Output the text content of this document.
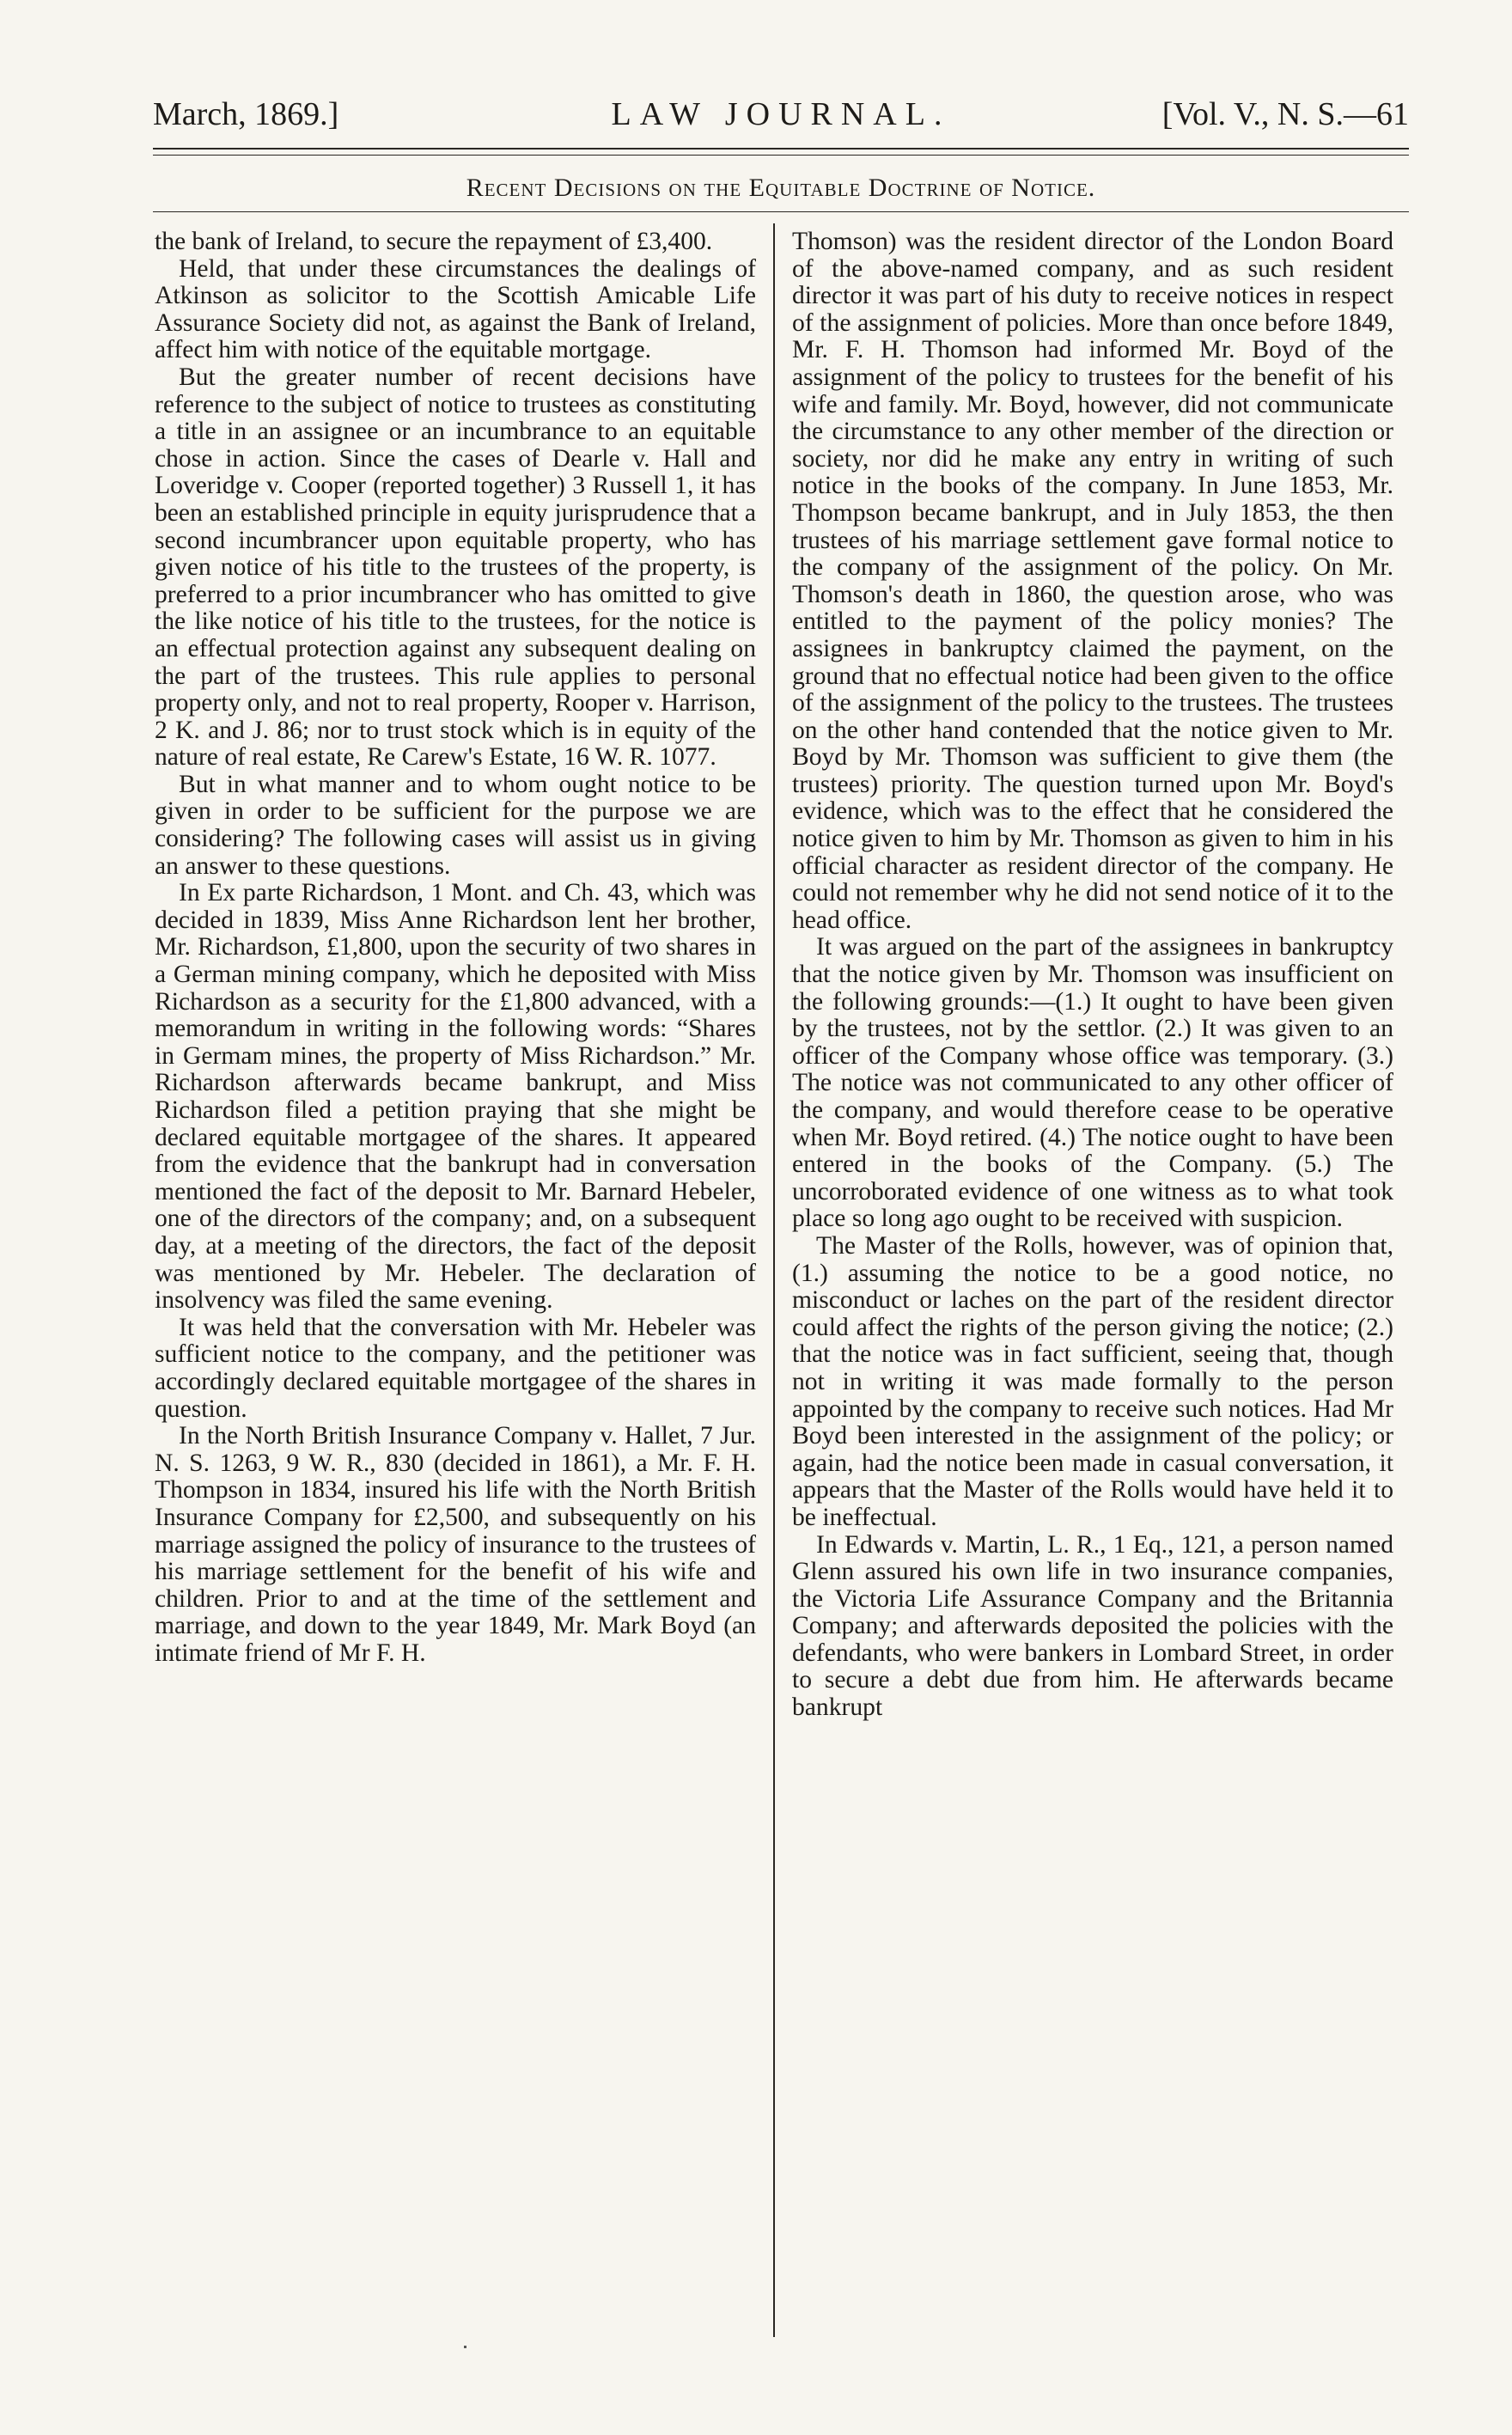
March, 1869.]	LAW JOURNAL.	[Vol. V., N. S.—61
Recent Decisions on the Equitable Doctrine of Notice.

the bank of Ireland, to secure the repayment of £3,400.

Held, that under these circumstances the dealings of Atkinson as solicitor to the Scottish Amicable Life Assurance Society did not, as against the Bank of Ireland, affect him with notice of the equitable mortgage.

But the greater number of recent decisions have reference to the subject of notice to trustees as constituting a title in an assignee or an incumbrance to an equitable chose in action. Since the cases of Dearle v. Hall and Loveridge v. Cooper (reported together) 3 Russell 1, it has been an established principle in equity jurisprudence that a second incumbrancer upon equitable property, who has given notice of his title to the trustees of the property, is preferred to a prior incumbrancer who has omitted to give the like notice of his title to the trustees, for the notice is an effectual protection against any subsequent dealing on the part of the trustees. This rule applies to personal property only, and not to real property, Rooper v. Harrison, 2 K. and J. 86; nor to trust stock which is in equity of the nature of real estate, Re Carew's Estate, 16 W. R. 1077.

But in what manner and to whom ought notice to be given in order to be sufficient for the purpose we are considering? The following cases will assist us in giving an answer to these questions.

In Ex parte Richardson, 1 Mont. and Ch. 43, which was decided in 1839, Miss Anne Richardson lent her brother, Mr. Richardson, £1,800, upon the security of two shares in a German mining company, which he deposited with Miss Richardson as a security for the £1,800 advanced, with a memorandum in writing in the following words: “Shares in Germam mines, the property of Miss Richardson.” Mr. Richardson afterwards became bankrupt, and Miss Richardson filed a petition praying that she might be declared equitable mortgagee of the shares. It appeared from the evidence that the bankrupt had in conversation mentioned the fact of the deposit to Mr. Barnard Hebeler, one of the directors of the company; and, on a subsequent day, at a meeting of the directors, the fact of the deposit was mentioned by Mr. Hebeler. The declaration of insolvency was filed the same evening.

It was held that the conversation with Mr. Hebeler was sufficient notice to the company, and the petitioner was accordingly declared equitable mortgagee of the shares in question.

In the North British Insurance Company v. Hallet, 7 Jur. N. S. 1263, 9 W. R., 830 (decided in 1861), a Mr. F. H. Thompson in 1834, insured his life with the North British Insurance Company for £2,500, and subsequently on his marriage assigned the policy of insurance to the trustees of his marriage settlement for the benefit of his wife and children. Prior to and at the time of the settlement and marriage, and down to the year 1849, Mr. Mark Boyd (an intimate friend of Mr F. H.

Thomson) was the resident director of the London Board of the above-named company, and as such resident director it was part of his duty to receive notices in respect of the assignment of policies. More than once before 1849, Mr. F. H. Thomson had informed Mr. Boyd of the assignment of the policy to trustees for the benefit of his wife and family. Mr. Boyd, however, did not communicate the circumstance to any other member of the direction or society, nor did he make any entry in writing of such notice in the books of the company. In June 1853, Mr. Thompson became bankrupt, and in July 1853, the then trustees of his marriage settlement gave formal notice to the company of the assignment of the policy. On Mr. Thomson's death in 1860, the question arose, who was entitled to the payment of the policy monies? The assignees in bankruptcy claimed the payment, on the ground that no effectual notice had been given to the office of the assignment of the policy to the trustees. The trustees on the other hand contended that the notice given to Mr. Boyd by Mr. Thomson was sufficient to give them (the trustees) priority. The question turned upon Mr. Boyd's evidence, which was to the effect that he considered the notice given to him by Mr. Thomson as given to him in his official character as resident director of the company. He could not remember why he did not send notice of it to the head office.

It was argued on the part of the assignees in bankruptcy that the notice given by Mr. Thomson was insufficient on the following grounds:—(1.) It ought to have been given by the trustees, not by the settlor. (2.) It was given to an officer of the Company whose office was temporary. (3.) The notice was not communicated to any other officer of the company, and would therefore cease to be operative when Mr. Boyd retired. (4.) The notice ought to have been entered in the books of the Company. (5.) The uncorroborated evidence of one witness as to what took place so long ago ought to be received with suspicion.

The Master of the Rolls, however, was of opinion that, (1.) assuming the notice to be a good notice, no misconduct or laches on the part of the resident director could affect the rights of the person giving the notice; (2.) that the notice was in fact sufficient, seeing that, though not in writing it was made formally to the person appointed by the company to receive such notices. Had Mr Boyd been interested in the assignment of the policy; or again, had the notice been made in casual conversation, it appears that the Master of the Rolls would have held it to be ineffectual.

In Edwards v. Martin, L. R., 1 Eq., 121, a person named Glenn assured his own life in two insurance companies, the Victoria Life Assurance Company and the Britannia Company; and afterwards deposited the policies with the defendants, who were bankers in Lombard Street, in order to secure a debt due from him. He afterwards became bankrupt
